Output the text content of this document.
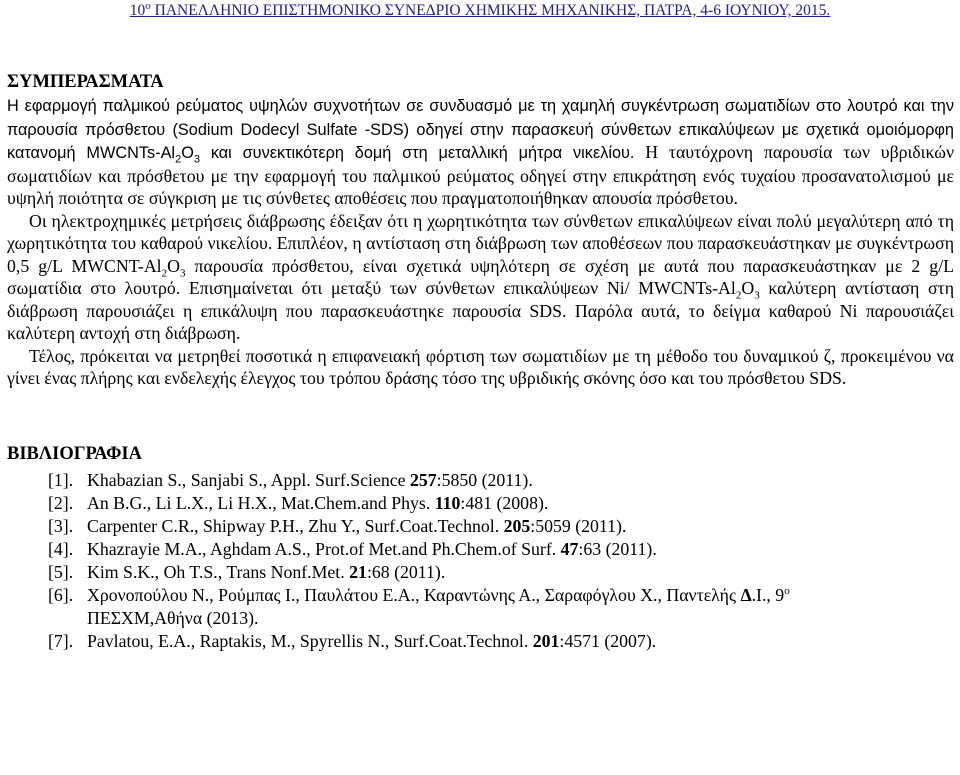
$10^o$ ΠΑΝΕΛΛΗΝΙΟ ΕΠΙΣΤΗΜΟΝΙΚΟ ΣΥΝΕΔΡΙΟ ΧΗΜΙΚΗΣ ΜΗΧΑΝΙΚΗΣ, ΠΑΤΡΑ, 4-6 ΙΟΥΝΙΟΥ, 2015.
ΣΥΜΠΕΡΑΣΜΑΤΑ
Η εφαρμογή παλμικού ρεύματος υψηλών συχνοτήτων σε συνδυασμό με τη χαμηλή συγκέντρωση σωματιδίων στο λουτρό και την παρουσία πρόσθετου (Sodium Dodecyl Sulfate -SDS) οδηγεί στην παρασκευή σύνθετων επικαλύψεων με σχετικά ομοιόμορφη κατανομή MWCNTs-$Al_2O_3$ και συνεκτικότερη δομή στη μεταλλική μήτρα νικελίου. Η ταυτόχρονη παρουσία των υβριδικών σωματιδίων και πρόσθετου με την εφαρμογή του παλμικού ρεύματος οδηγεί στην επικράτηση ενός τυχαίου προσανατολισμού με υψηλή ποιότητα σε σύγκριση με τις σύνθετες αποθέσεις που πραγματοποιήθηκαν απουσία πρόσθετου.
Οι ηλεκτροχημικές μετρήσεις διάβρωσης έδειξαν ότι η χωρητικότητα των σύνθετων επικαλύψεων είναι πολύ μεγαλύτερη από τη χωρητικότητα του καθαρού νικελίου. Επιπλέον, η αντίσταση στη διάβρωση των αποθέσεων που παρασκευάστηκαν με συγκέντρωση 0,5 g/L MWCNT-$Al_2O_3$ παρουσία πρόσθετου, είναι σχετικά υψηλότερη σε σχέση με αυτά που παρασκευάστηκαν με 2 g/L σωματίδια στο λουτρό. Επισημαίνεται ότι μεταξύ των σύνθετων επικαλύψεων Ni/ MWCNTs-$Al_2O_3$ καλύτερη αντίσταση στη διάβρωση παρουσιάζει η επικάλυψη που παρασκευάστηκε παρουσία SDS. Παρόλα αυτά, το δείγμα καθαρού Ni παρουσιάζει καλύτερη αντοχή στη διάβρωση.
Τέλος, πρόκειται να μετρηθεί ποσοτικά η επιφανειακή φόρτιση των σωματιδίων με τη μέθοδο του δυναμικού ζ, προκειμένου να γίνει ένας πλήρης και ενδελεχής έλεγχος του τρόπου δράσης τόσο της υβριδικής σκόνης όσο και του πρόσθετου SDS.
ΒΙΒΛΙΟΓΡΑΦΙΑ
[1]. Khabazian S., Sanjabi S., Appl. Surf.Science 257:5850 (2011).
[2]. An B.G., Li L.X., Li H.X., Mat.Chem.and Phys. 110:481 (2008).
[3]. Carpenter C.R., Shipway P.H., Zhu Y., Surf.Coat.Technol. 205:5059 (2011).
[4]. Khazrayie M.A., Aghdam A.S., Prot.of Met.and Ph.Chem.of Surf. 47:63 (2011).
[5]. Kim S.K., Oh T.S., Trans Nonf.Met. 21:68 (2011).
[6]. Χρονοπούλου Ν., Ρούμπας Ι., Παυλάτου Ε.Α., Καραντώνης Α., Σαραφόγλου Χ., Παντελής Δ.Ι., $9^o$
ΠΕΣΧΜ,Αθήνα (2013).
[7]. Pavlatou, E.A., Raptakis, M., Spyrellis N., Surf.Coat.Technol. 201:4571 (2007).
